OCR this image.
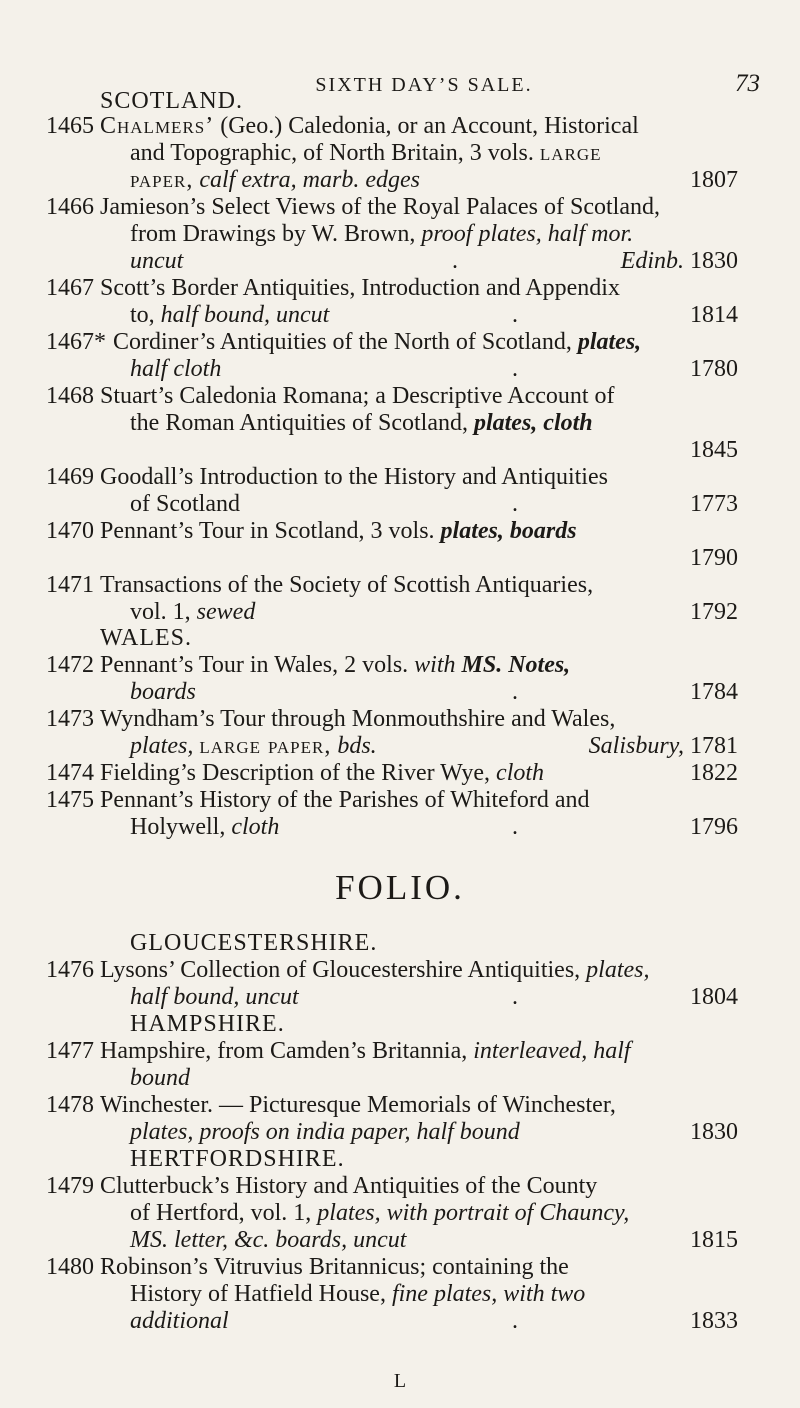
SIXTH DAY’S SALE.	73
SCOTLAND.
1465 Chalmers’ (Geo.) Caledonia, or an Account, Historical
and Topographic, of North Britain, 3 vols. large
paper, calf extra, marb. edges	1807
1466 Jamieson’s Select Views of the Royal Palaces of Scotland,
from Drawings by W. Brown, proof plates, half mor.
uncut	.	Edinb. 1830
1467 Scott’s Border Antiquities, Introduction and Appendix
to, half bound, uncut	.	1814
1467* Cordiner’s Antiquities of the North of Scotland, plates,
half cloth	.	1780
1468 Stuart’s Caledonia Romana; a Descriptive Account of
the Roman Antiquities of Scotland, plates, cloth
1845
1469 Goodall’s Introduction to the History and Antiquities
of Scotland	.	1773
1470 Pennant’s Tour in Scotland, 3 vols. plates, boards
1790
1471 Transactions of the Society of Scottish Antiquaries,
vol. 1, sewed	1792
WALES.
1472 Pennant’s Tour in Wales, 2 vols. with MS. Notes,
boards	.	1784
1473 Wyndham’s Tour through Monmouthshire and Wales,
plates, large paper, bds.	Salisbury, 1781
1474 Fielding’s Description of the River Wye, cloth	1822
1475 Pennant’s History of the Parishes of Whiteford and
Holywell, cloth	.	1796
FOLIO.
GLOUCESTERSHIRE.
1476 Lysons’ Collection of Gloucestershire Antiquities, plates,
half bound, uncut	.	1804
HAMPSHIRE.
1477 Hampshire, from Camden’s Britannia, interleaved, half
bound
1478 Winchester. — Picturesque Memorials of Winchester,
plates, proofs on india paper, half bound	1830
HERTFORDSHIRE.
1479 Clutterbuck’s History and Antiquities of the County
of Hertford, vol. 1, plates, with portrait of Chauncy,
MS. letter, &c. boards, uncut	1815
1480 Robinson’s Vitruvius Britannicus; containing the
History of Hatfield House, fine plates, with two
additional	.	1833
L
